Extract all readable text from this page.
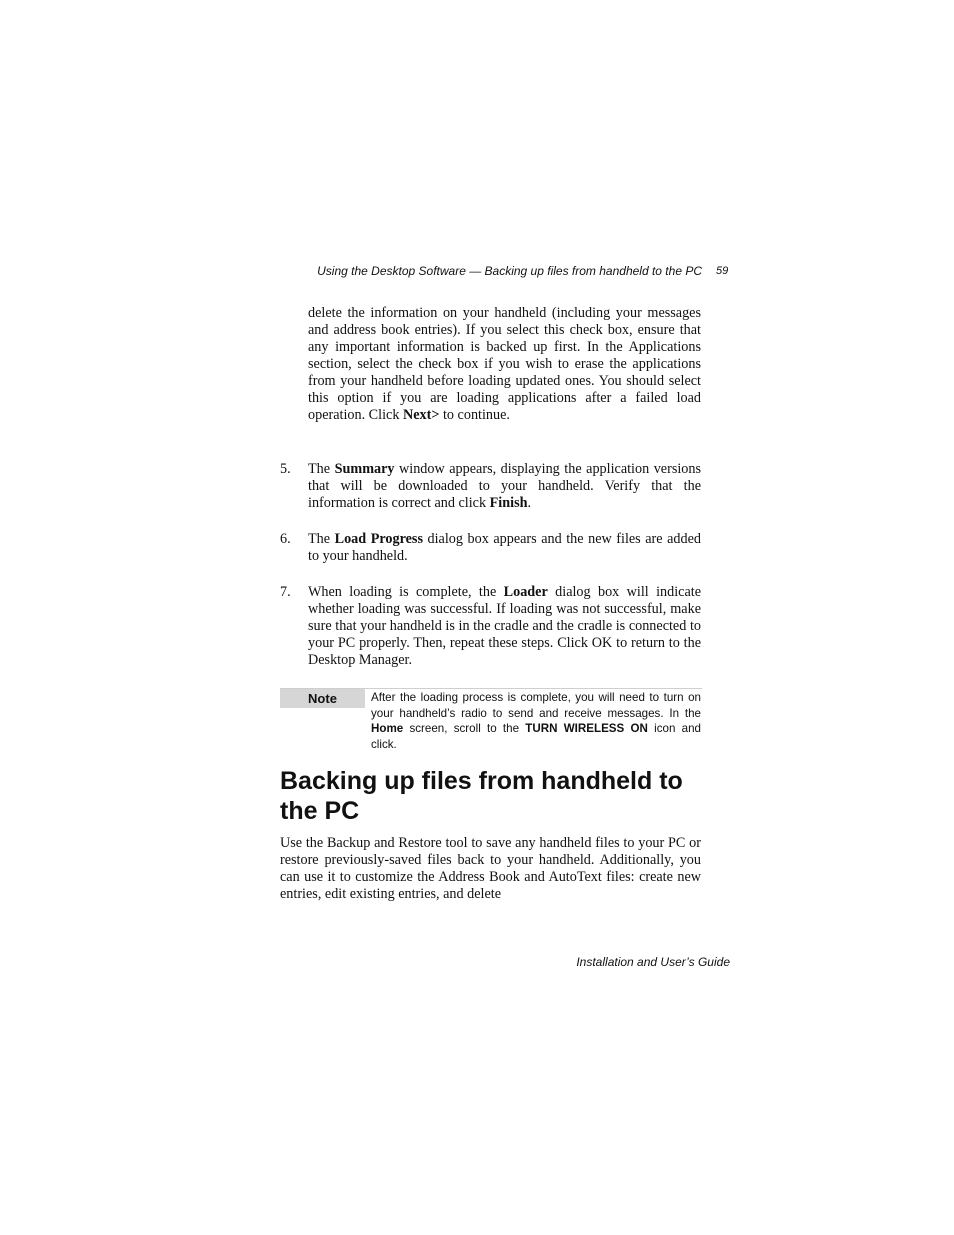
Using the Desktop Software — Backing up files from handheld to the PC 59
delete the information on your handheld (including your messages and address book entries). If you select this check box, ensure that any important information is backed up first. In the Applications section, select the check box if you wish to erase the applications from your handheld before loading updated ones. You should select this option if you are loading applications after a failed load operation. Click Next> to continue.
5. The Summary window appears, displaying the application versions that will be downloaded to your handheld. Verify that the information is correct and click Finish.
6. The Load Progress dialog box appears and the new files are added to your handheld.
7. When loading is complete, the Loader dialog box will indicate whether loading was successful. If loading was not successful, make sure that your handheld is in the cradle and the cradle is connected to your PC properly. Then, repeat these steps. Click OK to return to the Desktop Manager.
Note	After the loading process is complete, you will need to turn on your handheld’s radio to send and receive messages. In the Home screen, scroll to the TURN WIRELESS ON icon and click.
Backing up files from handheld to the PC
Use the Backup and Restore tool to save any handheld files to your PC or restore previously-saved files back to your handheld. Additionally, you can use it to customize the Address Book and AutoText files: create new entries, edit existing entries, and delete
Installation and User’s Guide
